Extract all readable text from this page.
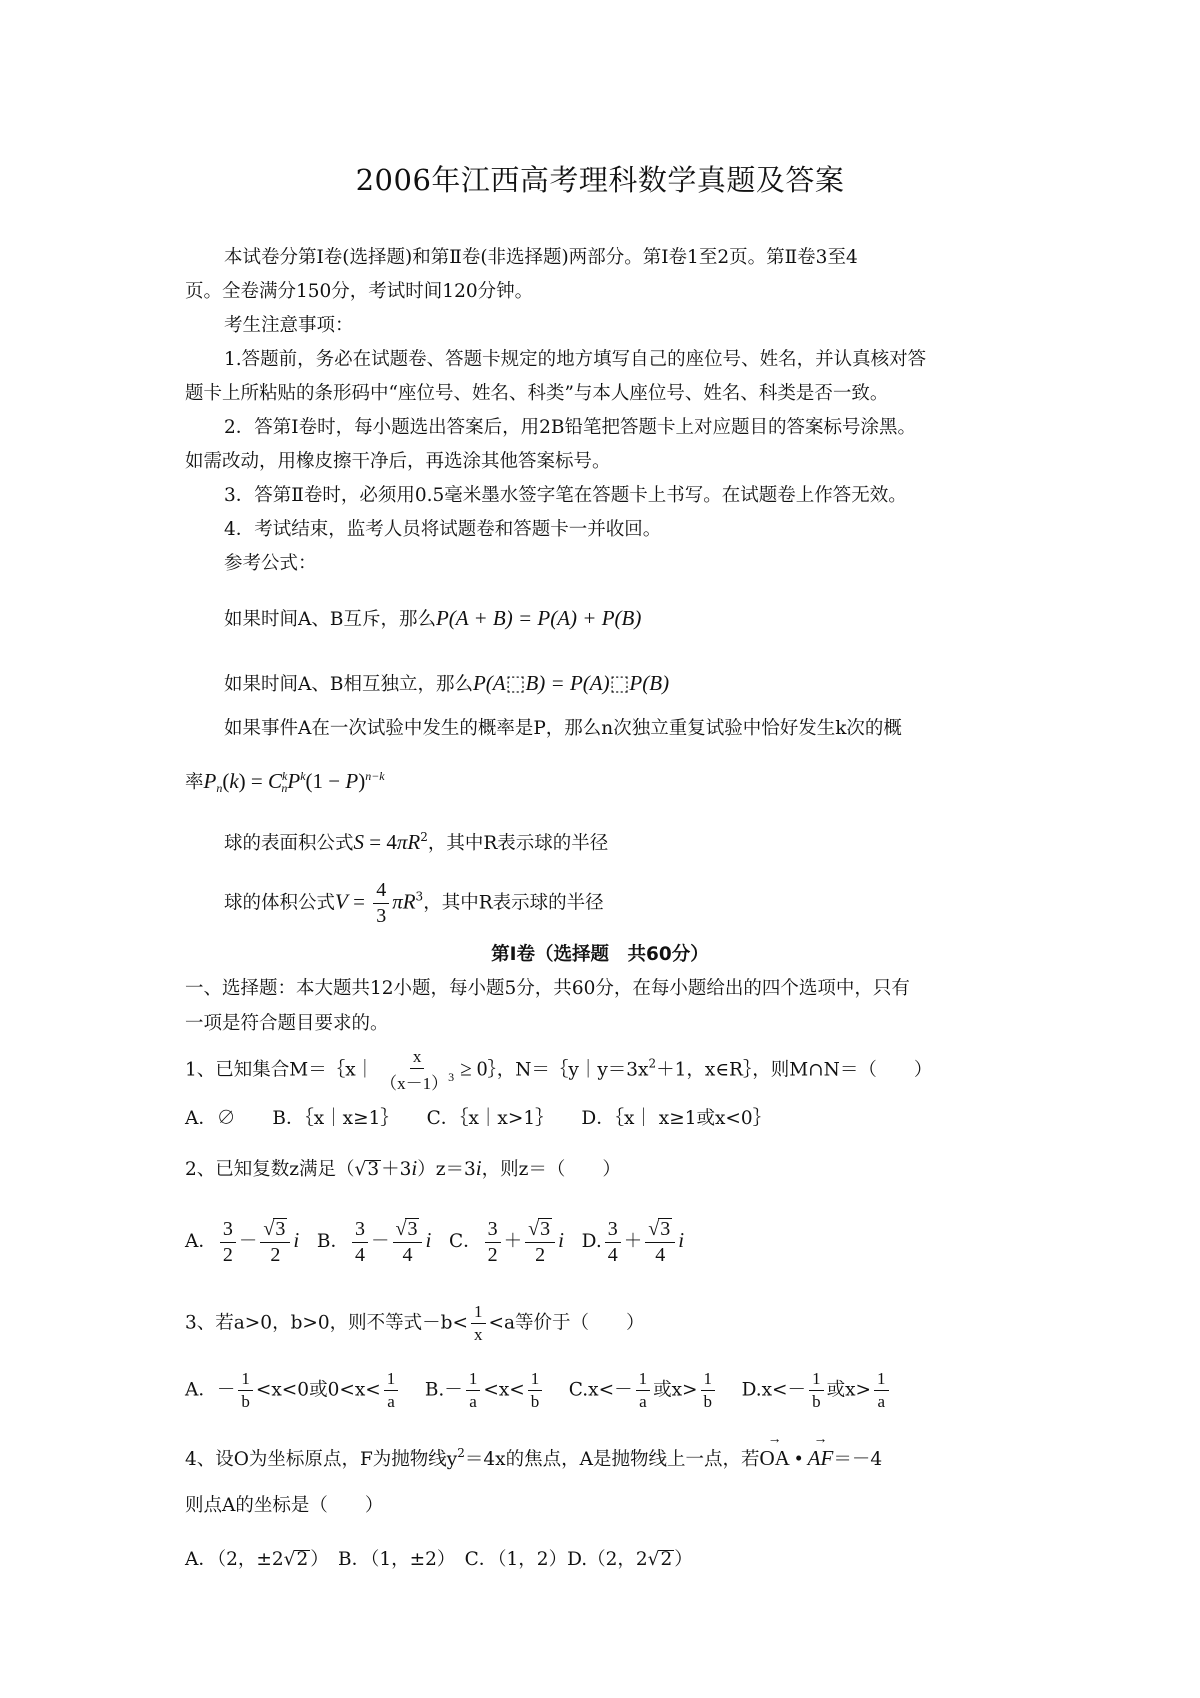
2006年江西高考理科数学真题及答案
本试卷分第Ⅰ卷(选择题)和第Ⅱ卷(非选择题)两部分。第Ⅰ卷1至2页。第Ⅱ卷3至4
页。全卷满分150分，考试时间120分钟。
考生注意事项：
1.答题前，务必在试题卷、答题卡规定的地方填写自己的座位号、姓名，并认真核对答
题卡上所粘贴的条形码中“座位号、姓名、科类”与本人座位号、姓名、科类是否一致。
2．答第Ⅰ卷时，每小题选出答案后，用2B铅笔把答题卡上对应题目的答案标号涂黑。
如需改动，用橡皮擦干净后，再选涂其他答案标号。
3．答第Ⅱ卷时，必须用0.5毫米墨水签字笔在答题卡上书写。在试题卷上作答无效。
4．考试结束，监考人员将试题卷和答题卡一并收回。
参考公式：
如果时间A、B互斥，那么P(A + B) = P(A) + P(B)
如果时间A、B相互独立，那么P(A⬚B) = P(A)⬚P(B)
如果事件A在一次试验中发生的概率是P，那么n次独立重复试验中恰好发生k次的概
率$P_n(k) = C^k_nP^k(1 - P)^{n-k}$
球的表面积公式$S = 4\pi R^2$，其中R表示球的半径
球的体积公式$V = \frac{4}{3} \pi R^3$，其中R表示球的半径
第Ⅰ卷（选择题　共60分）
一、选择题：本大题共12小题，每小题5分，共60分，在每小题给出的四个选项中，只有
一项是符合题目要求的。
1、已知集合M＝｛x｜ $\frac{x}{(x-1)^3}$ ≥ 0｝，$N=\{y|y=3x^2+1$，x∈R｝，则M∩N＝（　　）
A．∅　　B．｛x｜x≥1｝　　C．｛x｜x>1｝　　D．｛x｜ x≥1或x<0｝
2、已知复数z满足（√3 ＋3i）z＝3i，则z＝（　　）
A． $\frac{3}{2} - \frac{√3}{2}$ i B． $\frac{3}{4} - \frac{√3}{4}$ i C． $\frac{3}{2} + \frac{√3}{2}$ i D. $\frac{3}{4} + \frac{√3}{4}$ i
3、若a>0，b>0，则不等式$-b< \frac{1}{x} <a$等价于（　　）
A．－ $\frac{1}{b} <x<0$或$0<x< \frac{1}{a} B.- \frac{1}{a} <x< \frac{1}{b} C.x<- \frac{1}{a}$ 或$x> \frac{1}{b} D.x<- \frac{1}{b}$ 或$x> \frac{1}{a}$
4、设O为坐标原点，F为抛物线$y^2=4x$的焦点，A是抛物线上一点，若→ OA • → AF＝－4
则点A的坐标是（　　）
A．（2，±2√2 ）　B．（1，±2）　C．（1，2）D.（2，2√2 ）
